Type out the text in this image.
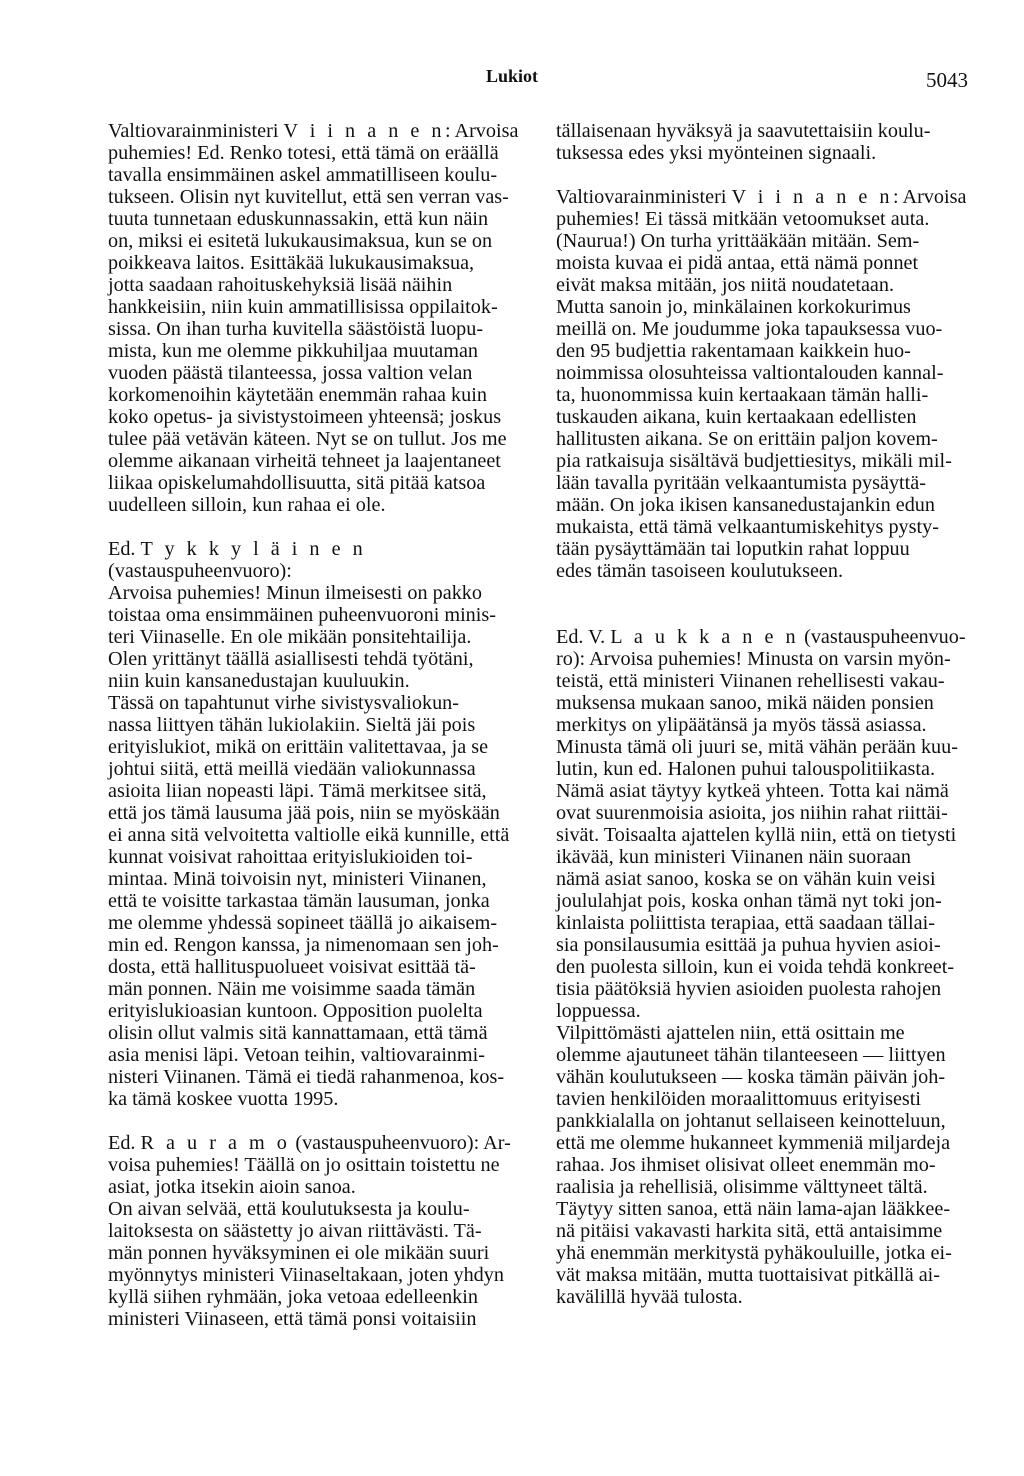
Lukiot	5043

Valtiovarainministeri V i i n a n e n: Arvoisa

puhemies! Ed. Renko totesi, että tämä on eräällä

tavalla ensimmäinen askel ammatilliseen koulu-

tukseen. Olisin nyt kuvitellut, että sen verran vas-

tuuta tunnetaan eduskunnassakin, että kun näin

on, miksi ei esitetä lukukausimaksua, kun se on

poikkeava laitos. Esittäkää lukukausimaksua,

jotta saadaan rahoituskehyksiä lisää näihin

hankkeisiin, niin kuin ammatillisissa oppilaitok-

sissa. On ihan turha kuvitella säästöistä luopu-

mista, kun me olemme pikkuhiljaa muutaman

vuoden päästä tilanteessa, jossa valtion velan

korkomenoihin käytetään enemmän rahaa kuin

koko opetus- ja sivistystoimeen yhteensä; joskus

tulee pää vetävän käteen. Nyt se on tullut. Jos me

olemme aikanaan virheitä tehneet ja laajentaneet

liikaa opiskelumahdollisuutta, sitä pitää katsoa

uudelleen silloin, kun rahaa ei ole.

Ed. T y k k y l ä i n e n (vastauspuheenvuoro):

Arvoisa puhemies! Minun ilmeisesti on pakko

toistaa oma ensimmäinen puheenvuoroni minis-

teri Viinaselle. En ole mikään ponsitehtailija.

Olen yrittänyt täällä asiallisesti tehdä työtäni,

niin kuin kansanedustajan kuuluukin.

Tässä on tapahtunut virhe sivistysvaliokun-

nassa liittyen tähän lukiolakiin. Sieltä jäi pois

erityislukiot, mikä on erittäin valitettavaa, ja se

johtui siitä, että meillä viedään valiokunnassa

asioita liian nopeasti läpi. Tämä merkitsee sitä,

että jos tämä lausuma jää pois, niin se myöskään

ei anna sitä velvoitetta valtiolle eikä kunnille, että

kunnat voisivat rahoittaa erityislukioiden toi-

mintaa. Minä toivoisin nyt, ministeri Viinanen,

että te voisitte tarkastaa tämän lausuman, jonka

me olemme yhdessä sopineet täällä jo aikaisem-

min ed. Rengon kanssa, ja nimenomaan sen joh-

dosta, että hallituspuolueet voisivat esittää tä-

män ponnen. Näin me voisimme saada tämän

erityislukioasian kuntoon. Opposition puolelta

olisin ollut valmis sitä kannattamaan, että tämä

asia menisi läpi. Vetoan teihin, valtiovarainmi-

nisteri Viinanen. Tämä ei tiedä rahanmenoa, kos-

ka tämä koskee vuotta 1995.

Ed. R a u r a m o (vastauspuheenvuoro): Ar-

voisa puhemies! Täällä on jo osittain toistettu ne

asiat, jotka itsekin aioin sanoa.

On aivan selvää, että koulutuksesta ja koulu-

laitoksesta on säästetty jo aivan riittävästi. Tä-

män ponnen hyväksyminen ei ole mikään suuri

myönnytys ministeri Viinaseltakaan, joten yhdyn

kyllä siihen ryhmään, joka vetoaa edelleenkin

ministeri Viinaseen, että tämä ponsi voitaisiin

tällaisenaan hyväksyä ja saavutettaisiin koulu-

tuksessa edes yksi myönteinen signaali.

Valtiovarainministeri V i i n a n e n: Arvoisa

puhemies! Ei tässä mitkään vetoomukset auta.

(Naurua!) On turha yrittääkään mitään. Sem-

moista kuvaa ei pidä antaa, että nämä ponnet

eivät maksa mitään, jos niitä noudatetaan.

Mutta sanoin jo, minkälainen korkokurimus

meillä on. Me joudumme joka tapauksessa vuo-

den 95 budjettia rakentamaan kaikkein huo-

noimmissa olosuhteissa valtiontalouden kannal-

ta, huonommissa kuin kertaakaan tämän halli-

tuskauden aikana, kuin kertaakaan edellisten

hallitusten aikana. Se on erittäin paljon kovem-

pia ratkaisuja sisältävä budjettiesitys, mikäli mil-

lään tavalla pyritään velkaantumista pysäyttä-

mään. On joka ikisen kansanedustajankin edun

mukaista, että tämä velkaantumiskehitys pysty-

tään pysäyttämään tai loputkin rahat loppuu

edes tämän tasoiseen koulutukseen.

Ed. V. L a u k k a n e n (vastauspuheenvuo-

ro): Arvoisa puhemies! Minusta on varsin myön-

teistä, että ministeri Viinanen rehellisesti vakau-

muksensa mukaan sanoo, mikä näiden ponsien

merkitys on ylipäätänsä ja myös tässä asiassa.

Minusta tämä oli juuri se, mitä vähän perään kuu-

lutin, kun ed. Halonen puhui talouspolitiikasta.

Nämä asiat täytyy kytkeä yhteen. Totta kai nämä

ovat suurenmoisia asioita, jos niihin rahat riittäi-

sivät. Toisaalta ajattelen kyllä niin, että on tietysti

ikävää, kun ministeri Viinanen näin suoraan

nämä asiat sanoo, koska se on vähän kuin veisi

joululahjat pois, koska onhan tämä nyt toki jon-

kinlaista poliittista terapiaa, että saadaan tällai-

sia ponsilausumia esittää ja puhua hyvien asioi-

den puolesta silloin, kun ei voida tehdä konkreet-

tisia päätöksiä hyvien asioiden puolesta rahojen

loppuessa.

Vilpittömästi ajattelen niin, että osittain me

olemme ajautuneet tähän tilanteeseen — liittyen

vähän koulutukseen — koska tämän päivän joh-

tavien henkilöiden moraalittomuus erityisesti

pankkialalla on johtanut sellaiseen keinotteluun,

että me olemme hukanneet kymmeniä miljardeja

rahaa. Jos ihmiset olisivat olleet enemmän mo-

raalisia ja rehellisiä, olisimme välttyneet tältä.

Täytyy sitten sanoa, että näin lama-ajan lääkkee-

nä pitäisi vakavasti harkita sitä, että antaisimme

yhä enemmän merkitystä pyhäkouluille, jotka ei-

vät maksa mitään, mutta tuottaisivat pitkällä ai-

kavälillä hyvää tulosta.
